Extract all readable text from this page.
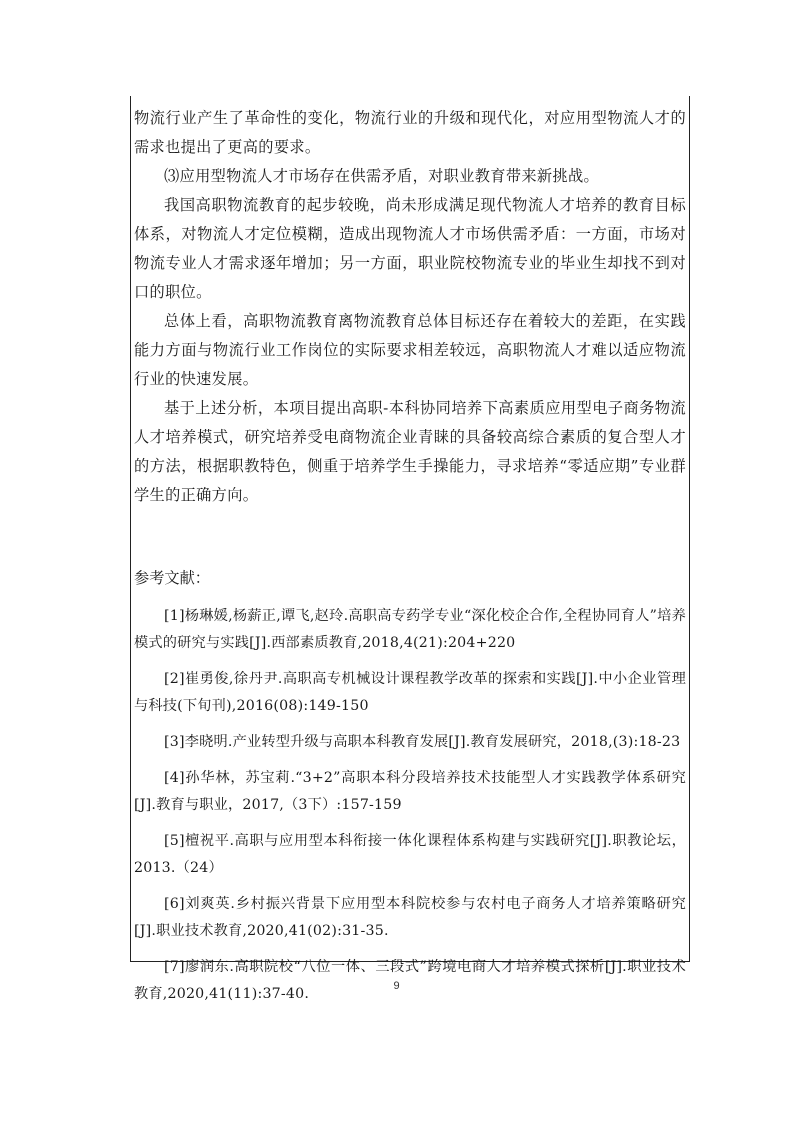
物流行业产生了革命性的变化，物流行业的升级和现代化，对应用型物流人才的需求也提出了更高的要求。

⑶应用型物流人才市场存在供需矛盾，对职业教育带来新挑战。

我国高职物流教育的起步较晚，尚未形成满足现代物流人才培养的教育目标体系，对物流人才定位模糊，造成出现物流人才市场供需矛盾：一方面，市场对物流专业人才需求逐年增加；另一方面，职业院校物流专业的毕业生却找不到对口的职位。

总体上看，高职物流教育离物流教育总体目标还存在着较大的差距，在实践能力方面与物流行业工作岗位的实际要求相差较远，高职物流人才难以适应物流行业的快速发展。

基于上述分析，本项目提出高职-本科协同培养下高素质应用型电子商务物流人才培养模式，研究培养受电商物流企业青睐的具备较高综合素质的复合型人才的方法，根据职教特色，侧重于培养学生手操能力，寻求培养“零适应期”专业群学生的正确方向。

参考文献：

[1]杨琳媛,杨薪正,谭飞,赵玲.高职高专药学专业“深化校企合作,全程协同育人”培养模式的研究与实践[J].西部素质教育,2018,4(21):204+220

[2]崔勇俊,徐丹尹.高职高专机械设计课程教学改革的探索和实践[J].中小企业管理与科技(下旬刊),2016(08):149-150

[3]李晓明.产业转型升级与高职本科教育发展[J].教育发展研究，2018,(3):18-23

[4]孙华林，苏宝莉.“3+2”高职本科分段培养技术技能型人才实践教学体系研究[J].教育与职业，2017,（3下）:157-159

[5]檀祝平.高职与应用型本科衔接一体化课程体系构建与实践研究[J].职教论坛，2013.（24）

[6]刘爽英.乡村振兴背景下应用型本科院校参与农村电子商务人才培养策略研究[J].职业技术教育,2020,41(02):31-35.

[7]廖润东.高职院校“八位一体、三段式”跨境电商人才培养模式探析[J].职业技术教育,2020,41(11):37-40.	9
